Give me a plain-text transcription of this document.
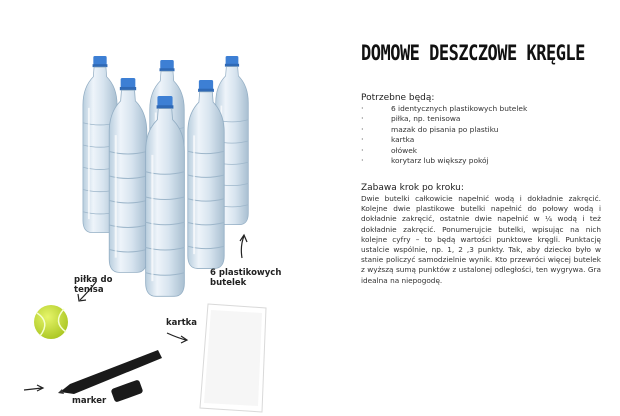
6 plastikowych
butelek
piłka do
tenisa
kartka
marker
DOMOWE DESZCZOWE KRĘGLE

Potrzebne będą:

· 6 identycznych plastikowych butelek
· piłka, np. tenisowa
· mazak do pisania po plastiku
· kartka
· ołówek
· korytarz lub większy pokój

Zabawa krok po kroku:

Dwie butelki całkowicie napełnić wodą i dokładnie zakręcić. Kolejne dwie plastikowe butelki napełnić do połowy wodą i dokładnie zakręcić, ostatnie dwie napełnić w ¼ wodą i też dokładnie zakręcić. Ponumerujcie butelki, wpisując na nich kolejne cyfry – to będą wartości punktowe kręgli. Punktację ustalcie wspólnie, np. 1, 2 ,3 punkty. Tak, aby dziecko było w stanie policzyć samodzielnie wynik. Kto przewróci więcej butelek z wyższą sumą punktów z ustalonej odległości, ten wygrywa. Gra idealna na niepogodę.
